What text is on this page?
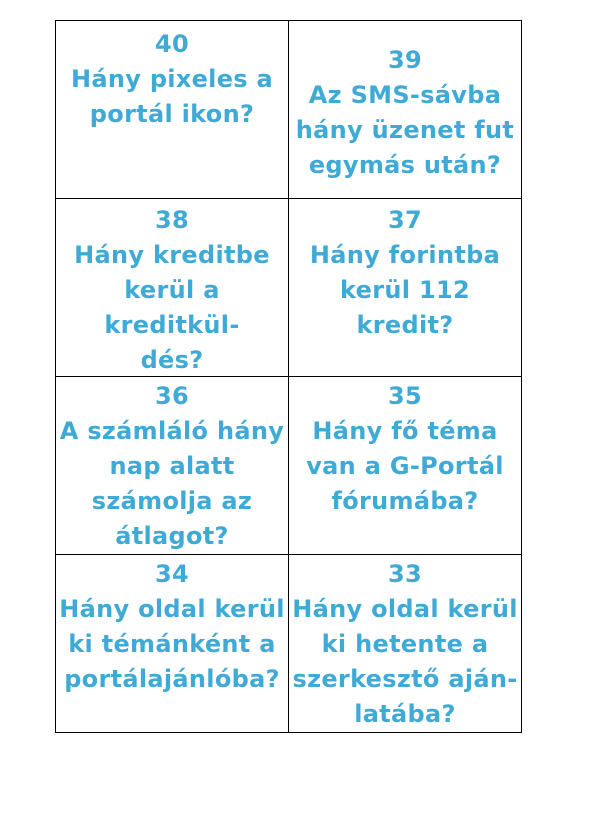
40
Hány pixeles a
portál ikon?
39
Az SMS-sávba
hány üzenet fut
egymás után?
38
Hány kreditbe
kerül a kreditkül-
dés?
37
Hány forintba
kerül 112 kredit?
36
A számláló hány
nap alatt
számolja az
átlagot?
35
Hány fő téma
van a G-Portál
fórumába?
34
Hány oldal kerül
ki témánként a
portálajánlóba?
33
Hány oldal kerül
ki hetente a
szerkesztő aján-
latába?
